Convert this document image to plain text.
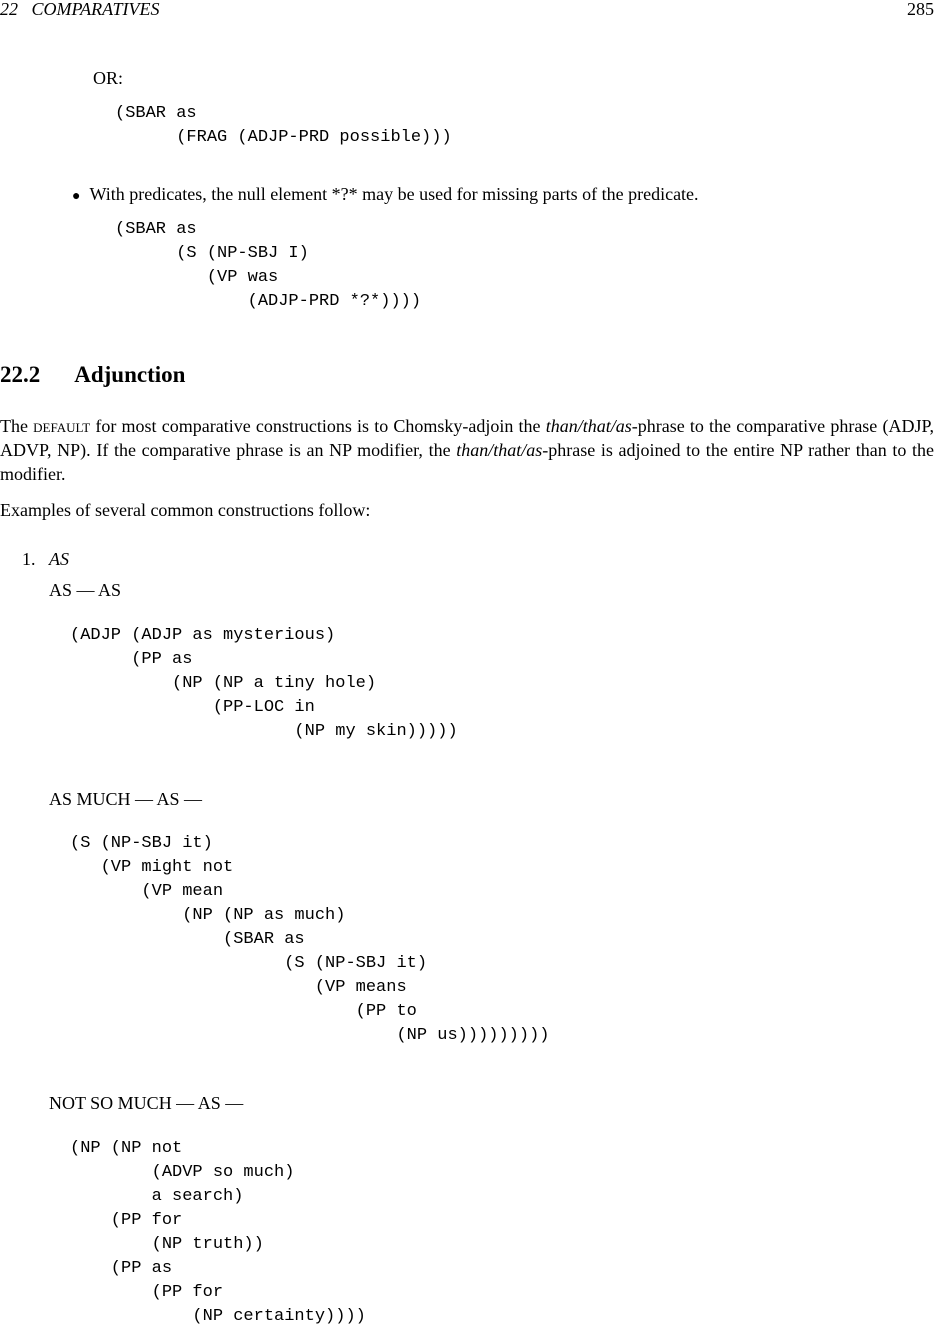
22 COMPARATIVES	285
OR:
(SBAR as
(FRAG (ADJP-PRD possible)))
● With predicates, the null element *?* may be used for missing parts of the predicate.
(SBAR as
(S (NP-SBJ I)
(VP was
(ADJP-PRD *?*))))
22.2 Adjunction
The default for most comparative constructions is to Chomsky-adjoin the than/that/as-phrase to the comparative phrase (ADJP, ADVP, NP). If the comparative phrase is an NP modifier, the than/that/as-phrase is adjoined to the entire NP rather than to the modifier.
Examples of several common constructions follow:
1. AS
AS — AS
(ADJP (ADJP as mysterious)
(PP as
(NP (NP a tiny hole)
(PP-LOC in
(NP my skin)))))
AS MUCH — AS —
(S (NP-SBJ it)
(VP might not
(VP mean
(NP (NP as much)
(SBAR as
(S (NP-SBJ it)
(VP means
(PP to
(NP us)))))))))
NOT SO MUCH — AS —
(NP (NP not
(ADVP so much)
a search)
(PP for
(NP truth))
(PP as
(PP for
(NP certainty))))
